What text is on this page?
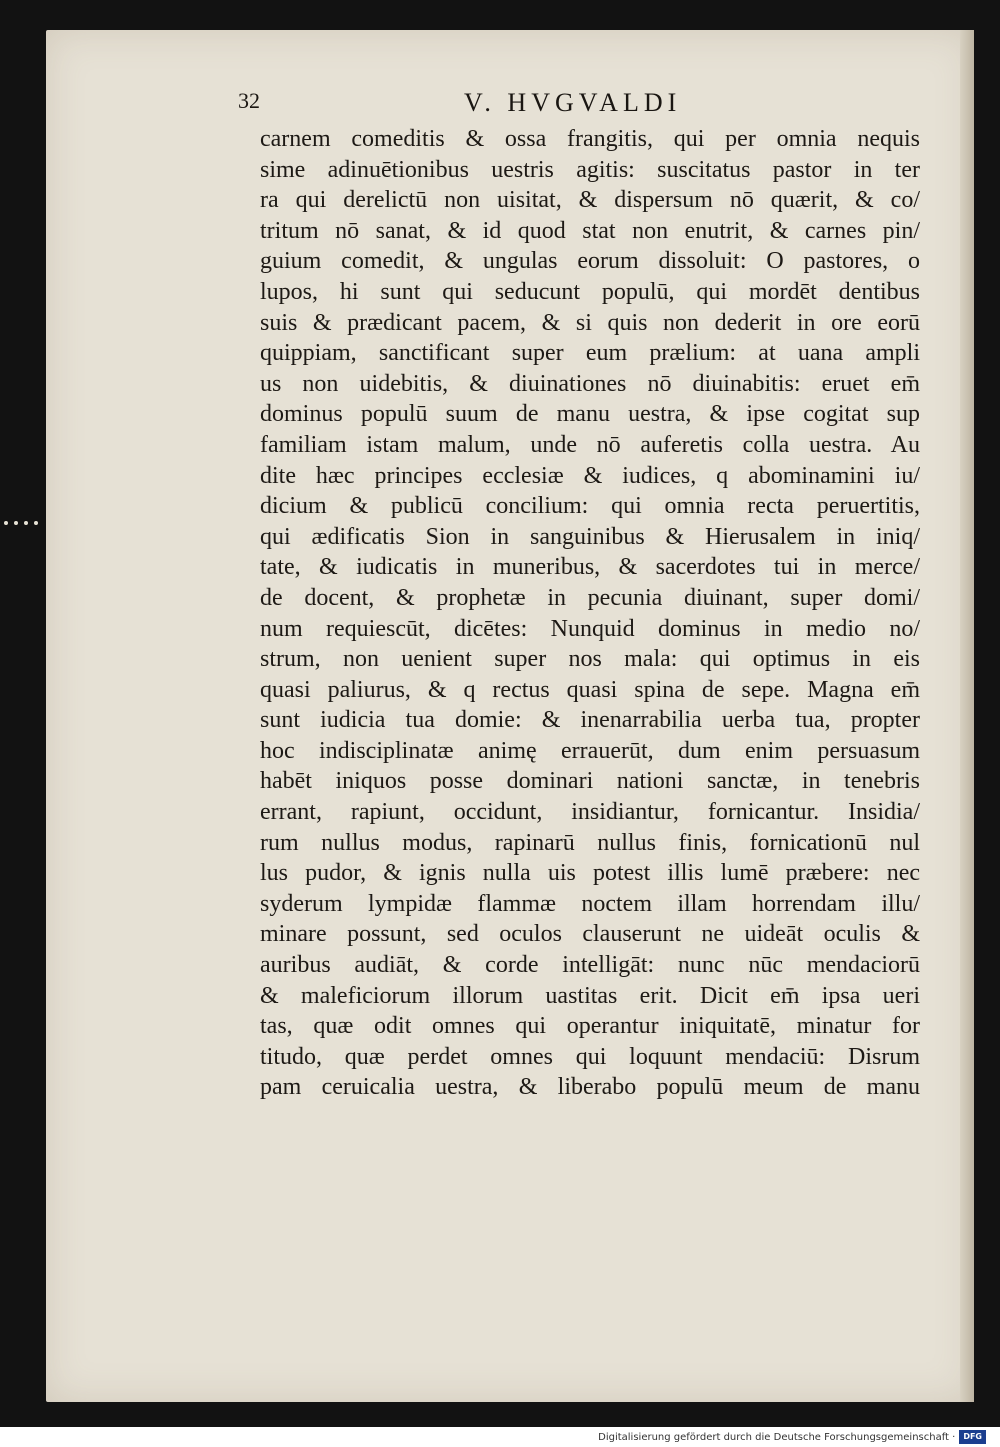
32	V. HVGVALDI
carnem comeditis & ossa frangitis, qui per omnia nequis
sime adinuētionibus uestris agitis: suscitatus pastor in ter
ra qui derelictū non uisitat, & dispersum nō quærit, & co/
tritum nō sanat, & id quod stat non enutrit, & carnes pin/
guium comedit, & ungulas eorum dissoluit: O pastores, o
lupos, hi sunt qui seducunt populū, qui mordēt dentibus
suis & prædicant pacem, & si quis non dederit in ore eorū
quippiam, sanctificant super eum prælium: at uana ampli
us non uidebitis, & diuinationes nō diuinabitis: eruet em̄
dominus populū suum de manu uestra, & ipse cogitat sup
familiam istam malum, unde nō auferetis colla uestra. Au
dite hæc principes ecclesiæ & iudices, q abominamini iu/
dicium & publicū concilium: qui omnia recta peruertitis,
qui ædificatis Sion in sanguinibus & Hierusalem in iniq/
tate, & iudicatis in muneribus, & sacerdotes tui in merce/
de docent, & prophetæ in pecunia diuinant, super domi/
num requiescūt, dicētes: Nunquid dominus in medio no/
strum, non uenient super nos mala: qui optimus in eis
quasi paliurus, & q rectus quasi spina de sepe. Magna em̄
sunt iudicia tua domie: & inenarrabilia uerba tua, propter
hoc indisciplinatæ animę errauerūt, dum enim persuasum
habēt iniquos posse dominari nationi sanctæ, in tenebris
errant, rapiunt, occidunt, insidiantur, fornicantur. Insidia/
rum nullus modus, rapinarū nullus finis, fornicationū nul
lus pudor, & ignis nulla uis potest illis lumē præbere: nec
syderum lympidæ flammæ noctem illam horrendam illu/
minare possunt, sed oculos clauserunt ne uideāt oculis &
auribus audiāt, & corde intelligāt: nunc nūc mendaciorū
& maleficiorum illorum uastitas erit. Dicit em̄ ipsa ueri
tas, quæ odit omnes qui operantur iniquitatē, minatur for
titudo, quæ perdet omnes qui loquunt mendaciū: Disrum
pam ceruicalia uestra, & liberabo populū meum de manu
Digitalisierung gefördert durch die Deutsche Forschungsgemeinschaft ·	DFG
